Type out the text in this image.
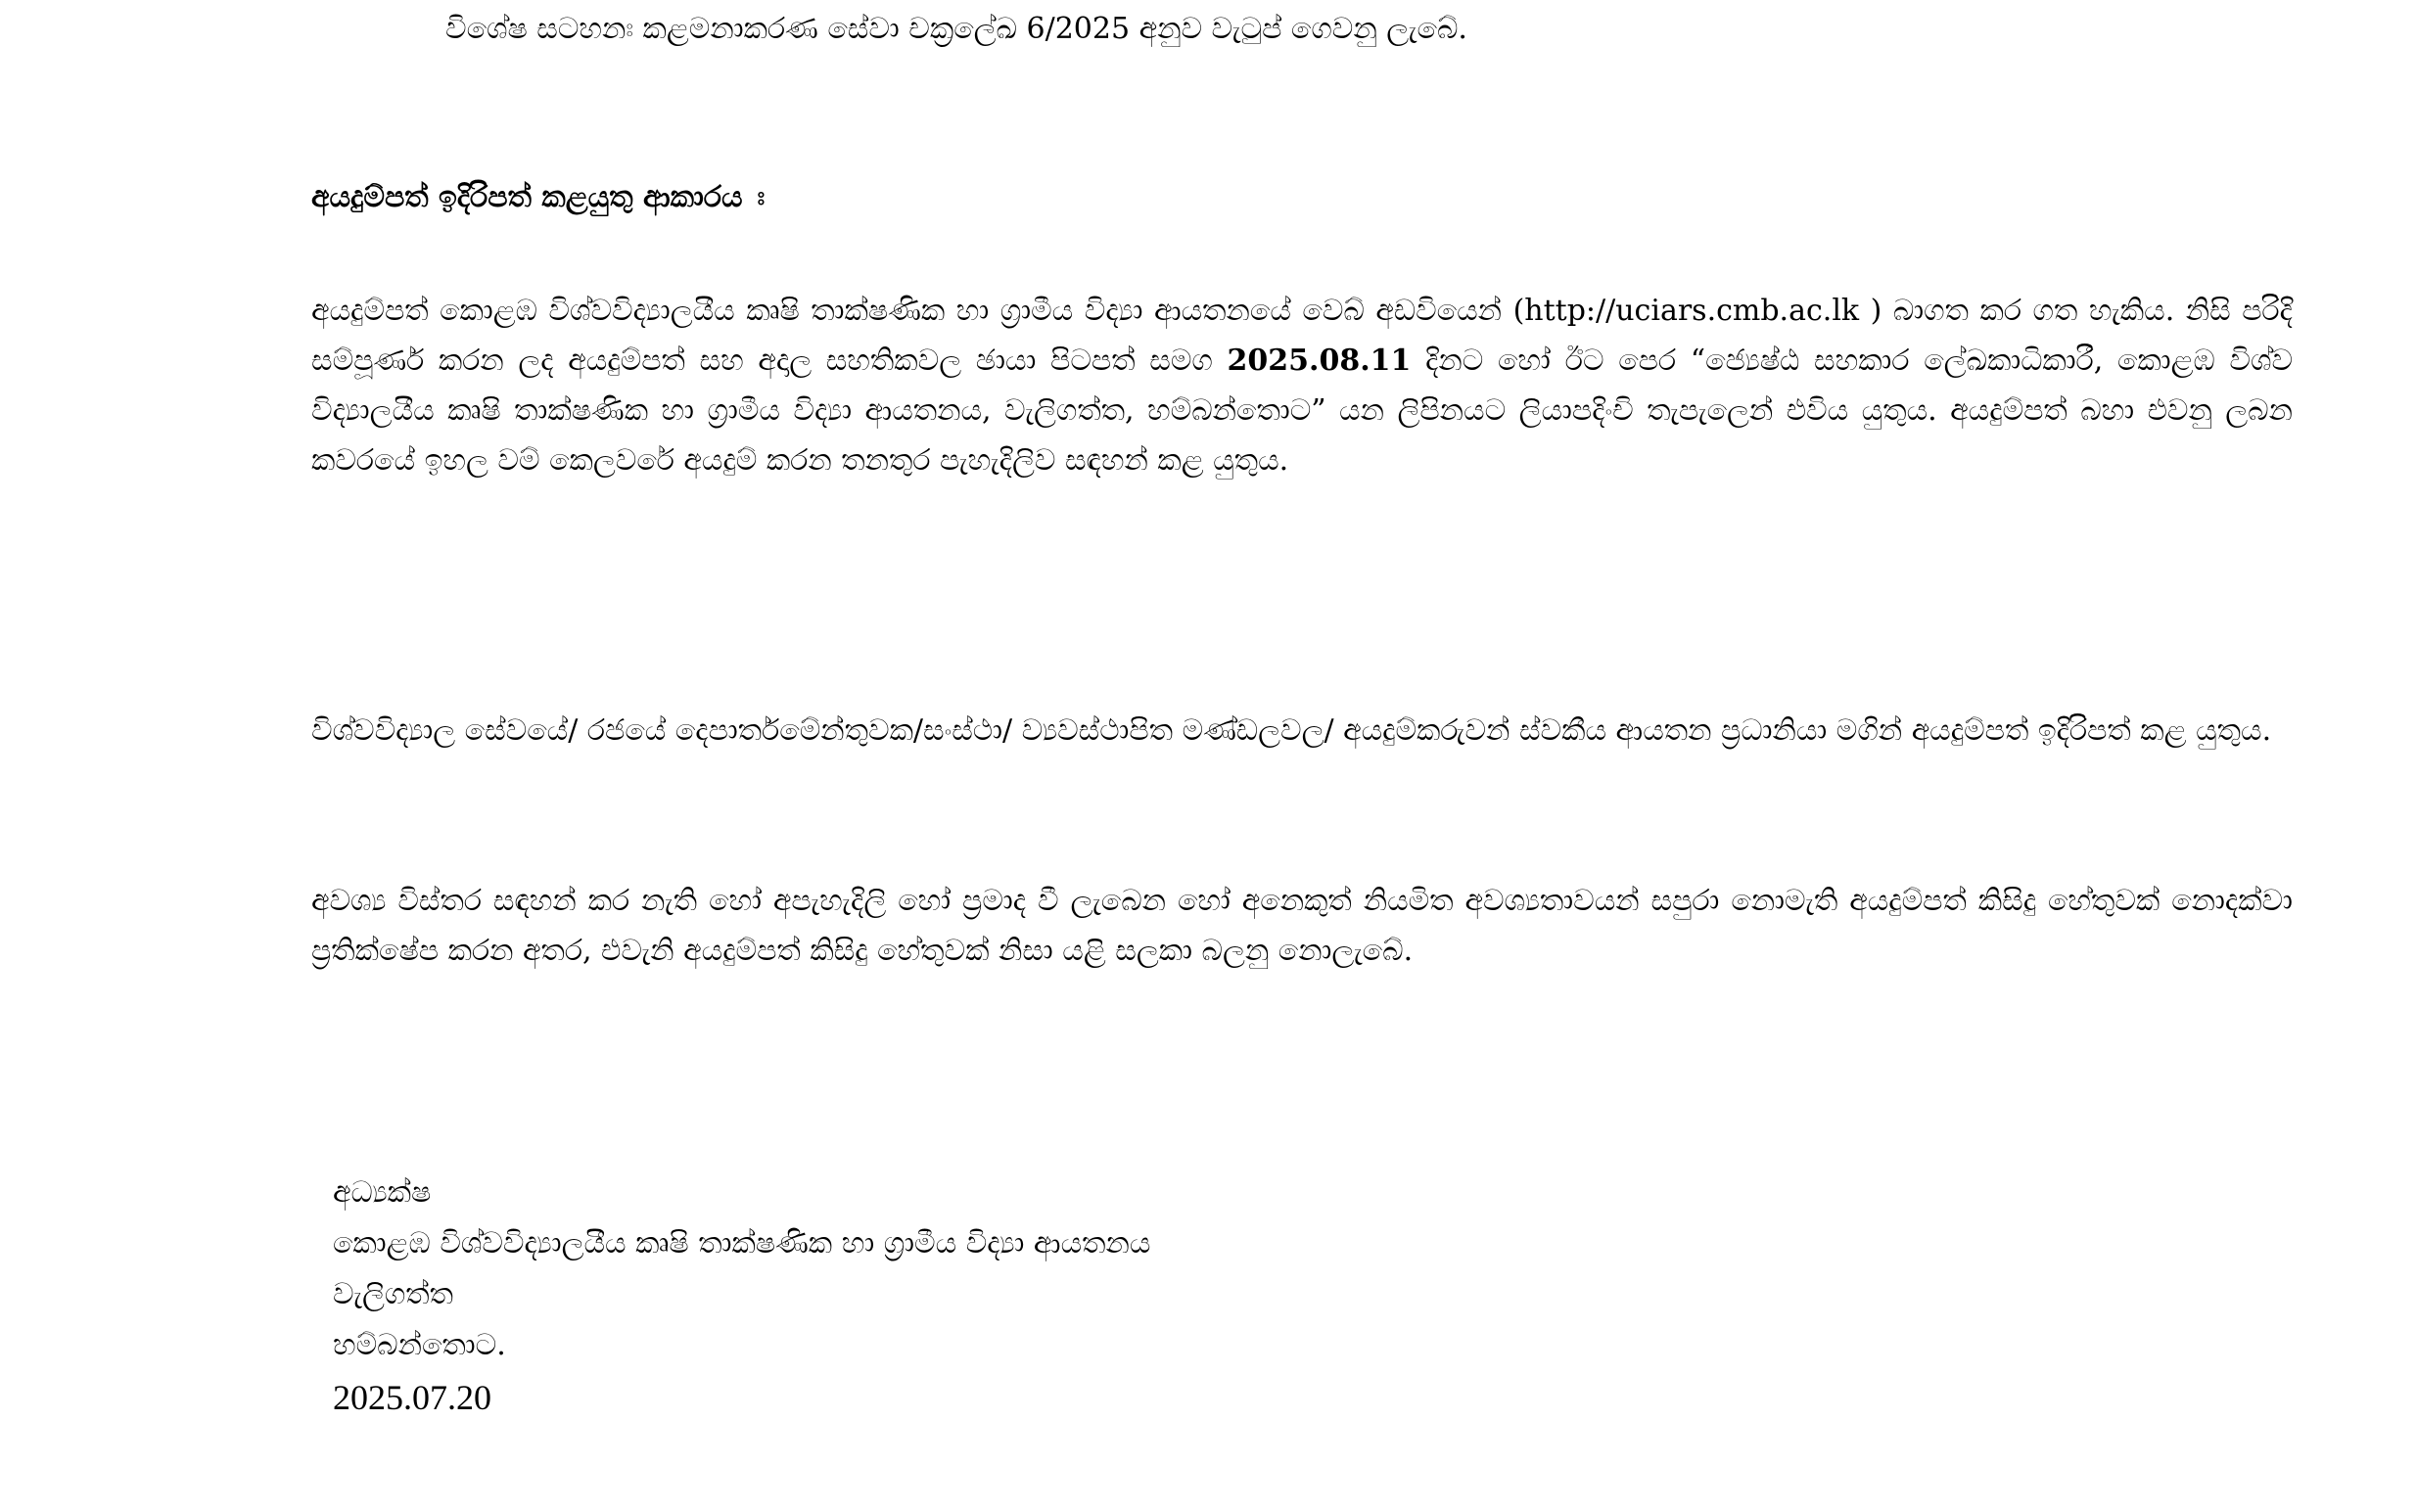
විශේෂ සටහනඃ කළමනාකරණ සේවා චක්‍රලේඛ 6/2025 අනුව වැටුප් ගෙවනු ලැබේ.
අයදුම්පත් ඉදිරිපත් කළයුතු ආකාරය ඃ
අයදුම්පත් කොළඹ විශ්වවිද්‍යාලයීය කෘෂි තාක්ෂණික හා ග්‍රාමීය විද්‍යා ආයතනයේ වෙබ් අඩවියෙන් (http://uciars.cmb.ac.lk ) බාගත කර ගත හැකිය. නිසි පරිදි සම්පූර්ණ කරන ලද අයදුම්පත් සහ අදාල සහතිකවල ඡායා පිටපත් සමග 2025.08.11 දිනට හෝ ඊට පෙර “ජ්‍යෙෂ්ඨ සහකාර ලේඛකාධිකාරී, කොළඹ විශ්ව විද්‍යාලයීය කෘෂි තාක්ෂණික හා ග්‍රාමීය විද්‍යා ආයතනය, වැලිගත්ත, හම්බන්තොට” යන ලිපිනයට ලියාපදිංචි තැපැලෙන් එවිය යුතුය. අයදුම්පත් බහා එවනු ලබන කවරයේ ඉහල වම් කෙලවරේ අයදුම් කරන තනතුර පැහැදිලිව සඳහන් කළ යුතුය.
විශ්වවිද්‍යාල සේවයේ/ රජයේ දෙපාර්තමේන්තුවක/සංස්ථා/ ව්‍යවස්ථාපිත මණ්ඩලවල/ අයදුම්කරුවන් ස්වකීය ආයතන ප්‍රධානියා මගින් අයදුම්පත් ඉදිරිපත් කළ යුතුය.
අවශ්‍ය විස්තර සඳහන් කර නැති හෝ අපැහැදිලි හෝ ප්‍රමාද වී ලැබෙන හෝ අනෙකුත් නියමිත අවශ්‍යතාවයන් සපුරා නොමැති අයදුම්පත් කිසිදු හේතුවක් නොදක්වා ප්‍රතික්ෂේප කරන අතර, එවැනි අයදුම්පත් කිසිදු හේතුවක් නිසා යළි සලකා බලනු නොලැබේ.
අධ්‍යක්ෂ
කොළඹ විශ්වවිද්‍යාලයීය කෘෂි තාක්ෂණික හා ග්‍රාමීය විද්‍යා ආයතනය
වැලිගත්ත
හම්බන්තොට.
2025.07.20
